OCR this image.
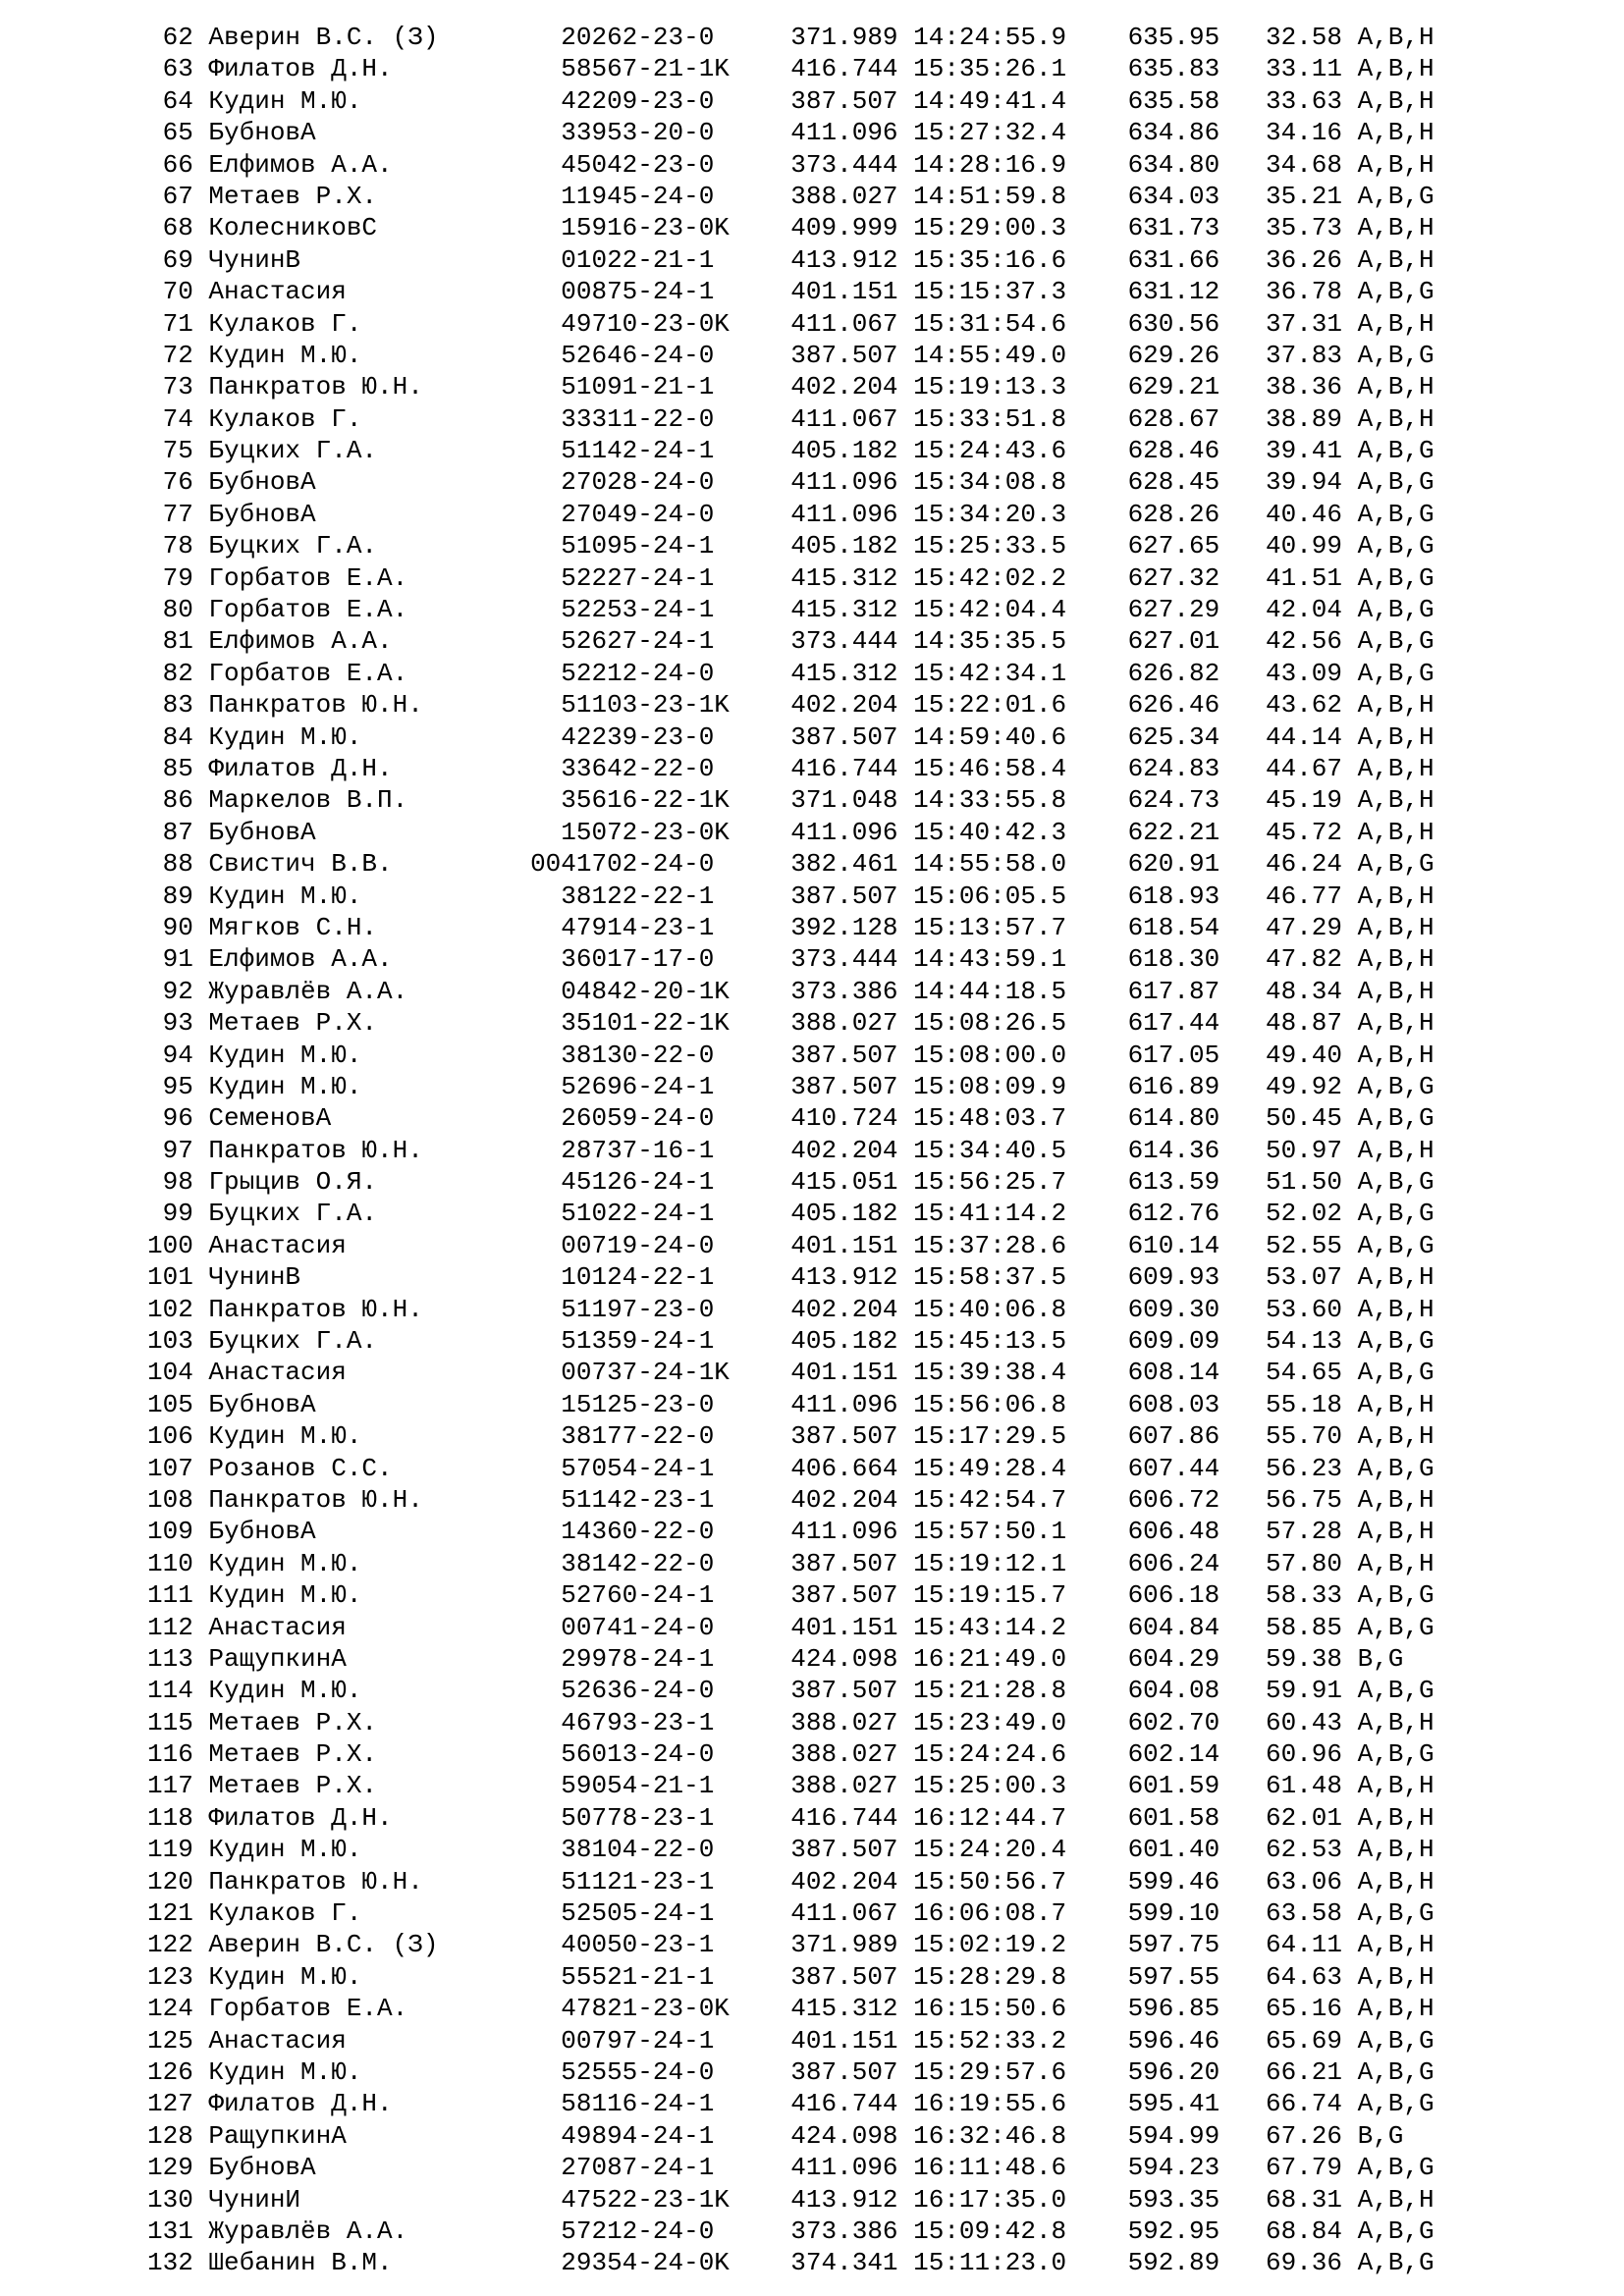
62 Аверин В.С. (З)        20262-23-0     371.989 14:24:55.9    635.95   32.58 А,В,Н
63 Филатов Д.Н.           58567-21-1K    416.744 15:35:26.1    635.83   33.11 А,В,Н
64 Кудин М.Ю.             42209-23-0     387.507 14:49:41.4    635.58   33.63 А,В,Н
65 БубновА                33953-20-0     411.096 15:27:32.4    634.86   34.16 А,В,Н
66 Елфимов А.А.           45042-23-0     373.444 14:28:16.9    634.80   34.68 А,В,Н
67 Метаев Р.Х.            11945-24-0     388.027 14:51:59.8    634.03   35.21 А,В,G
68 КолесниковС            15916-23-0K    409.999 15:29:00.3    631.73   35.73 А,В,Н
69 ЧунинВ                 01022-21-1     413.912 15:35:16.6    631.66   36.26 А,В,Н
70 Анастасия              00875-24-1     401.151 15:15:37.3    631.12   36.78 А,В,G
71 Кулаков Г.             49710-23-0K    411.067 15:31:54.6    630.56   37.31 А,В,Н
72 Кудин М.Ю.             52646-24-0     387.507 14:55:49.0    629.26   37.83 А,В,G
73 Панкратов Ю.Н.         51091-21-1     402.204 15:19:13.3    629.21   38.36 А,В,Н
74 Кулаков Г.             33311-22-0     411.067 15:33:51.8    628.67   38.89 А,В,Н
75 Буцких Г.А.            51142-24-1     405.182 15:24:43.6    628.46   39.41 А,В,G
76 БубновА                27028-24-0     411.096 15:34:08.8    628.45   39.94 А,В,G
77 БубновА                27049-24-0     411.096 15:34:20.3    628.26   40.46 А,В,G
78 Буцких Г.А.            51095-24-1     405.182 15:25:33.5    627.65   40.99 А,В,G
79 Горбатов Е.А.          52227-24-1     415.312 15:42:02.2    627.32   41.51 А,В,G
80 Горбатов Е.А.          52253-24-1     415.312 15:42:04.4    627.29   42.04 А,В,G
81 Елфимов А.А.           52627-24-1     373.444 14:35:35.5    627.01   42.56 А,В,G
82 Горбатов Е.А.          52212-24-0     415.312 15:42:34.1    626.82   43.09 А,В,G
83 Панкратов Ю.Н.         51103-23-1K    402.204 15:22:01.6    626.46   43.62 А,В,Н
84 Кудин М.Ю.             42239-23-0     387.507 14:59:40.6    625.34   44.14 А,В,Н
85 Филатов Д.Н.           33642-22-0     416.744 15:46:58.4    624.83   44.67 А,В,Н
86 Маркелов В.П.          35616-22-1K    371.048 14:33:55.8    624.73   45.19 А,В,Н
87 БубновА                15072-23-0K    411.096 15:40:42.3    622.21   45.72 А,В,Н
88 Свистич В.В.         0041702-24-0     382.461 14:55:58.0    620.91   46.24 А,В,G
89 Кудин М.Ю.             38122-22-1     387.507 15:06:05.5    618.93   46.77 А,В,Н
90 Мягков С.Н.            47914-23-1     392.128 15:13:57.7    618.54   47.29 А,В,Н
91 Елфимов А.А.           36017-17-0     373.444 14:43:59.1    618.30   47.82 А,В,Н
92 Журавлёв А.А.          04842-20-1K    373.386 14:44:18.5    617.87   48.34 А,В,Н
93 Метаев Р.Х.            35101-22-1K    388.027 15:08:26.5    617.44   48.87 А,В,Н
94 Кудин М.Ю.             38130-22-0     387.507 15:08:00.0    617.05   49.40 А,В,Н
95 Кудин М.Ю.             52696-24-1     387.507 15:08:09.9    616.89   49.92 А,В,G
96 СеменовА               26059-24-0     410.724 15:48:03.7    614.80   50.45 А,В,G
97 Панкратов Ю.Н.         28737-16-1     402.204 15:34:40.5    614.36   50.97 А,В,Н
98 Грыцив О.Я.            45126-24-1     415.051 15:56:25.7    613.59   51.50 А,В,G
99 Буцких Г.А.            51022-24-1     405.182 15:41:14.2    612.76   52.02 А,В,G
100 Анастасия              00719-24-0     401.151 15:37:28.6    610.14   52.55 А,В,G
101 ЧунинВ                 10124-22-1     413.912 15:58:37.5    609.93   53.07 А,В,Н
102 Панкратов Ю.Н.         51197-23-0     402.204 15:40:06.8    609.30   53.60 А,В,Н
103 Буцких Г.А.            51359-24-1     405.182 15:45:13.5    609.09   54.13 А,В,G
104 Анастасия              00737-24-1K    401.151 15:39:38.4    608.14   54.65 А,В,G
105 БубновА                15125-23-0     411.096 15:56:06.8    608.03   55.18 А,В,Н
106 Кудин М.Ю.             38177-22-0     387.507 15:17:29.5    607.86   55.70 А,В,Н
107 Розанов С.С.           57054-24-1     406.664 15:49:28.4    607.44   56.23 А,В,G
108 Панкратов Ю.Н.         51142-23-1     402.204 15:42:54.7    606.72   56.75 А,В,Н
109 БубновА                14360-22-0     411.096 15:57:50.1    606.48   57.28 А,В,Н
110 Кудин М.Ю.             38142-22-0     387.507 15:19:12.1    606.24   57.80 А,В,Н
111 Кудин М.Ю.             52760-24-1     387.507 15:19:15.7    606.18   58.33 А,В,G
112 Анастасия              00741-24-0     401.151 15:43:14.2    604.84   58.85 А,В,G
113 РащупкинА              29978-24-1     424.098 16:21:49.0    604.29   59.38 B,G
114 Кудин М.Ю.             52636-24-0     387.507 15:21:28.8    604.08   59.91 А,В,G
115 Метаев Р.Х.            46793-23-1     388.027 15:23:49.0    602.70   60.43 А,В,Н
116 Метаев Р.Х.            56013-24-0     388.027 15:24:24.6    602.14   60.96 А,В,G
117 Метаев Р.Х.            59054-21-1     388.027 15:25:00.3    601.59   61.48 А,В,Н
118 Филатов Д.Н.           50778-23-1     416.744 16:12:44.7    601.58   62.01 А,В,Н
119 Кудин М.Ю.             38104-22-0     387.507 15:24:20.4    601.40   62.53 А,В,Н
120 Панкратов Ю.Н.         51121-23-1     402.204 15:50:56.7    599.46   63.06 А,В,Н
121 Кулаков Г.             52505-24-1     411.067 16:06:08.7    599.10   63.58 А,В,G
122 Аверин В.С. (З)        40050-23-1     371.989 15:02:19.2    597.75   64.11 А,В,Н
123 Кудин М.Ю.             55521-21-1     387.507 15:28:29.8    597.55   64.63 А,В,Н
124 Горбатов Е.А.          47821-23-0K    415.312 16:15:50.6    596.85   65.16 А,В,Н
125 Анастасия              00797-24-1     401.151 15:52:33.2    596.46   65.69 А,В,G
126 Кудин М.Ю.             52555-24-0     387.507 15:29:57.6    596.20   66.21 А,В,G
127 Филатов Д.Н.           58116-24-1     416.744 16:19:55.6    595.41   66.74 А,В,G
128 РащупкинА              49894-24-1     424.098 16:32:46.8    594.99   67.26 B,G
129 БубновА                27087-24-1     411.096 16:11:48.6    594.23   67.79 А,В,G
130 ЧунинИ                 47522-23-1K    413.912 16:17:35.0    593.35   68.31 А,В,Н
131 Журавлёв А.А.          57212-24-0     373.386 15:09:42.8    592.95   68.84 А,В,G
132 Шебанин В.М.           29354-24-0K    374.341 15:11:23.0    592.89   69.36 А,В,G
